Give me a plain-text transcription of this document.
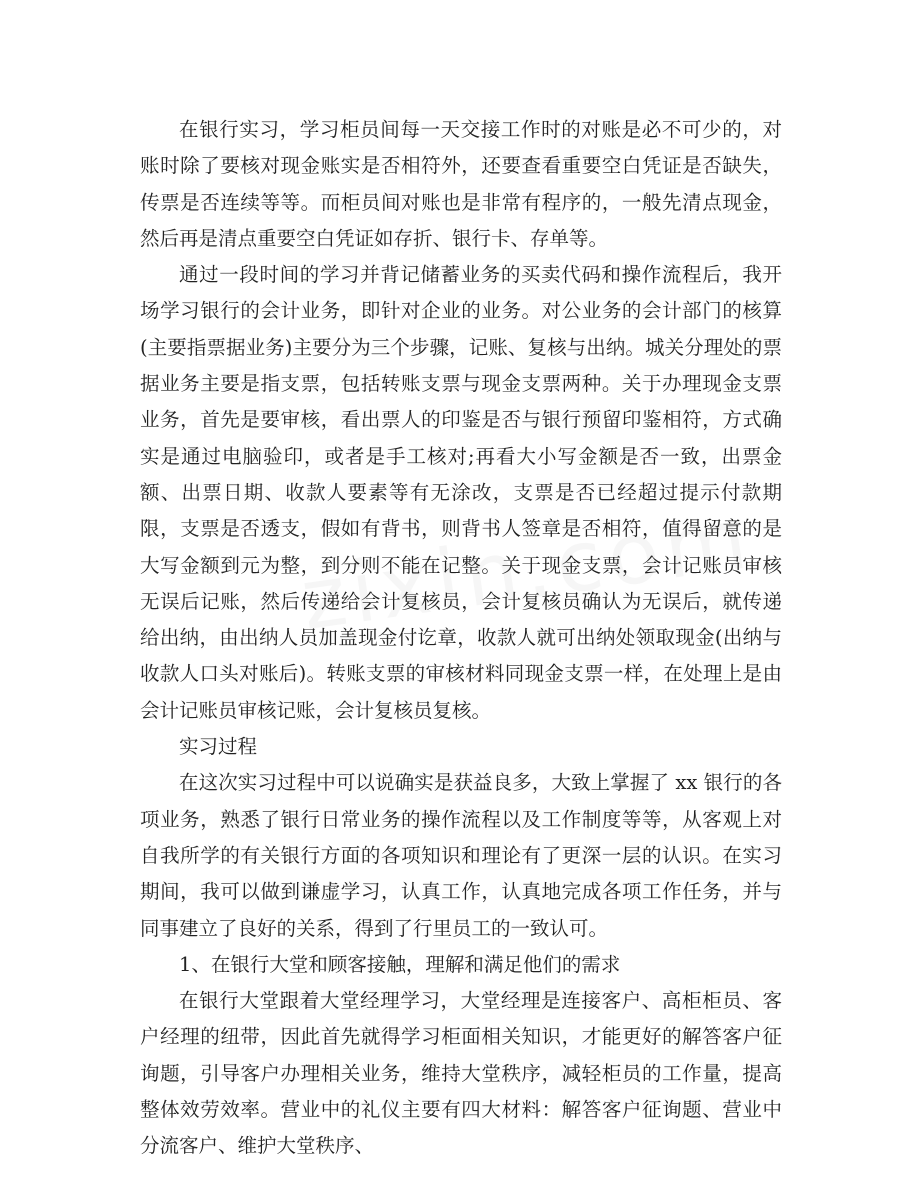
在银行实习，学习柜员间每一天交接工作时的对账是必不可少的，对账时除了要核对现金账实是否相符外，还要查看重要空白凭证是否缺失，传票是否连续等等。而柜员间对账也是非常有程序的，一般先清点现金，然后再是清点重要空白凭证如存折、银行卡、存单等。

通过一段时间的学习并背记储蓄业务的买卖代码和操作流程后，我开场学习银行的会计业务，即针对企业的业务。对公业务的会计部门的核算(主要指票据业务)主要分为三个步骤，记账、复核与出纳。城关分理处的票据业务主要是指支票，包括转账支票与现金支票两种。关于办理现金支票业务，首先是要审核，看出票人的印鉴是否与银行预留印鉴相符，方式确实是通过电脑验印，或者是手工核对;再看大小写金额是否一致，出票金额、出票日期、收款人要素等有无涂改，支票是否已经超过提示付款期限，支票是否透支，假如有背书，则背书人签章是否相符，值得留意的是大写金额到元为整，到分则不能在记整。关于现金支票，会计记账员审核无误后记账，然后传递给会计复核员，会计复核员确认为无误后，就传递给出纳，由出纳人员加盖现金付讫章，收款人就可出纳处领取现金(出纳与收款人口头对账后)。转账支票的审核材料同现金支票一样，在处理上是由会计记账员审核记账，会计复核员复核。

实习过程

在这次实习过程中可以说确实是获益良多，大致上掌握了 xx 银行的各项业务，熟悉了银行日常业务的操作流程以及工作制度等等，从客观上对自我所学的有关银行方面的各项知识和理论有了更深一层的认识。在实习期间，我可以做到谦虚学习，认真工作，认真地完成各项工作任务，并与同事建立了良好的关系，得到了行里员工的一致认可。

1、在银行大堂和顾客接触，理解和满足他们的需求

在银行大堂跟着大堂经理学习，大堂经理是连接客户、高柜柜员、客户经理的纽带，因此首先就得学习柜面相关知识，才能更好的解答客户征询题，引导客户办理相关业务，维持大堂秩序，减轻柜员的工作量，提高整体效劳效率。营业中的礼仪主要有四大材料：解答客户征询题、营业中分流客户、维护大堂秩序、
